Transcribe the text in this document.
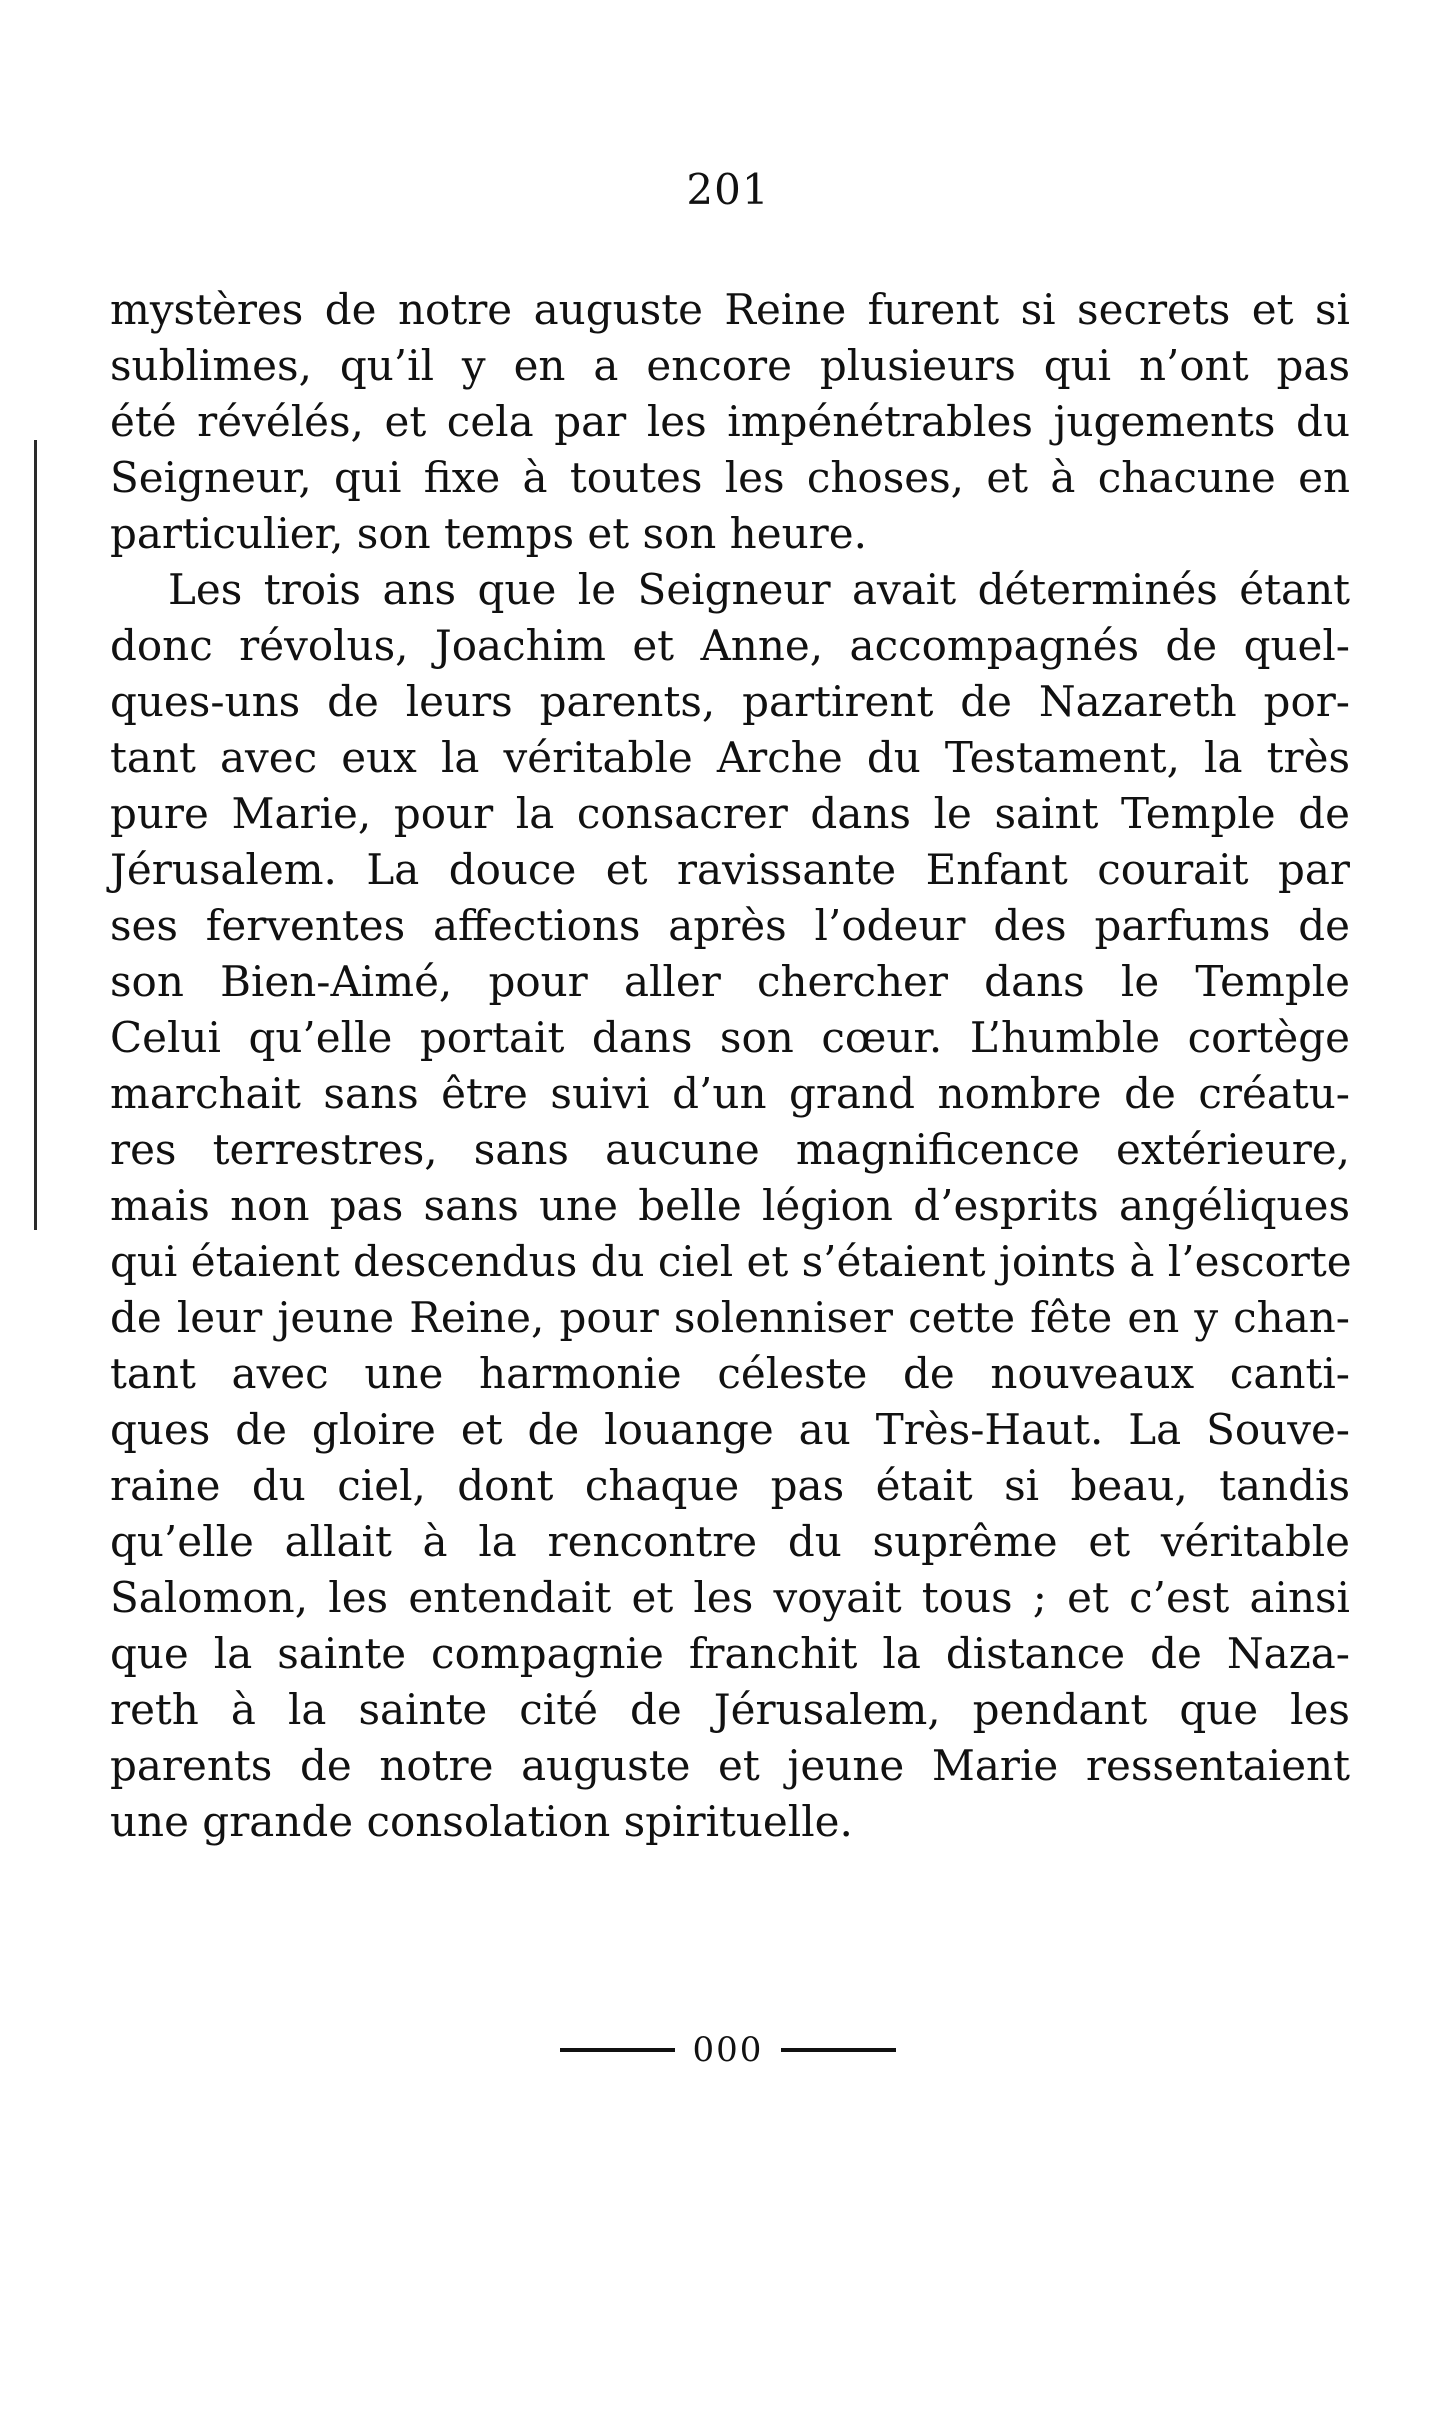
201
mystères de notre auguste Reine furent si secrets et si
sublimes, qu’il y en a encore plusieurs qui n’ont pas
été révélés, et cela par les impénétrables jugements du
Seigneur, qui fixe à toutes les choses, et à chacune en
particulier, son temps et son heure.
Les trois ans que le Seigneur avait déterminés étant
donc révolus, Joachim et Anne, accompagnés de quel-
ques-uns de leurs parents, partirent de Nazareth por-
tant avec eux la véritable Arche du Testament, la très
pure Marie, pour la consacrer dans le saint Temple de
Jérusalem. La douce et ravissante Enfant courait par
ses ferventes affections après l’odeur des parfums de
son Bien-Aimé, pour aller chercher dans le Temple
Celui qu’elle portait dans son cœur. L’humble cortège
marchait sans être suivi d’un grand nombre de créatu-
res terrestres, sans aucune magnificence extérieure,
mais non pas sans une belle légion d’esprits angéliques
qui étaient descendus du ciel et s’étaient joints à l’escorte
de leur jeune Reine, pour solenniser cette fête en y chan-
tant avec une harmonie céleste de nouveaux canti-
ques de gloire et de louange au Très-Haut. La Souve-
raine du ciel, dont chaque pas était si beau, tandis
qu’elle allait à la rencontre du suprême et véritable
Salomon, les entendait et les voyait tous ; et c’est ainsi
que la sainte compagnie franchit la distance de Naza-
reth à la sainte cité de Jérusalem, pendant que les
parents de notre auguste et jeune Marie ressentaient
une grande consolation spirituelle.
000
